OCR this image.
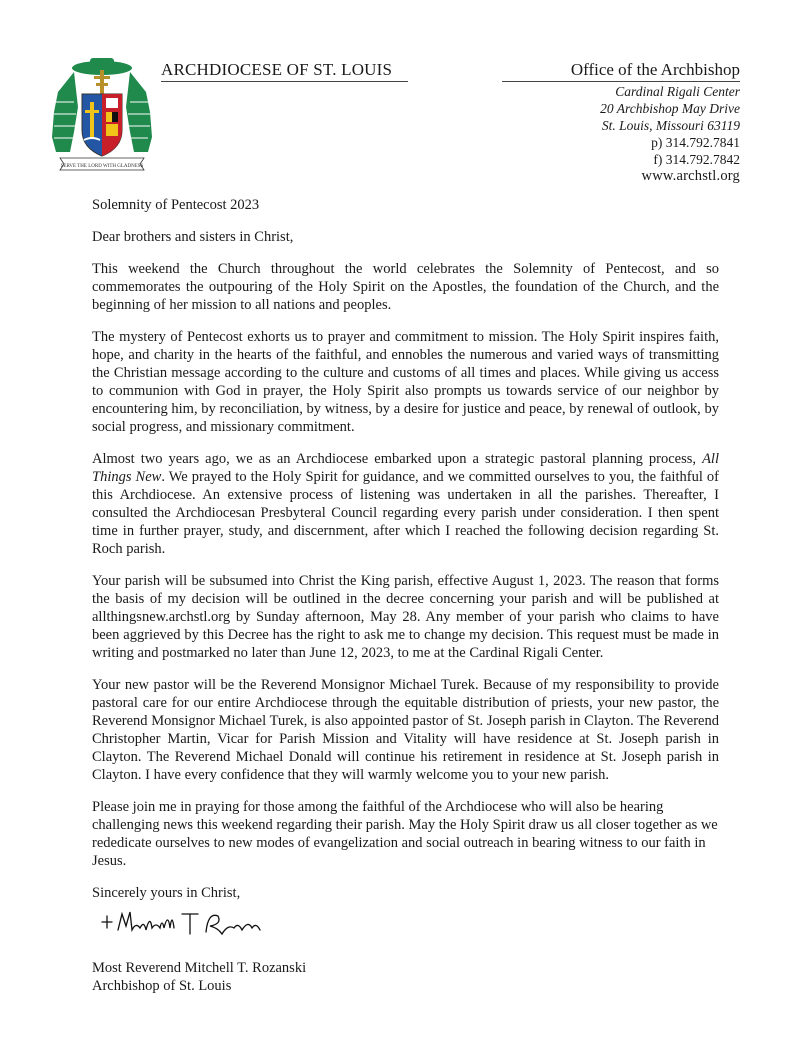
SERVE THE LORD WITH GLADNESS
ARCHDIOCESE OF ST. LOUIS	Office of the Archbishop
Cardinal Rigali Center
20 Archbishop May Drive
St. Louis, Missouri 63119
p) 314.792.7841
f) 314.792.7842
www.archstl.org

Solemnity of Pentecost 2023

Dear brothers and sisters in Christ,

This weekend the Church throughout the world celebrates the Solemnity of Pentecost, and so commemorates the outpouring of the Holy Spirit on the Apostles, the foundation of the Church, and the beginning of her mission to all nations and peoples.

The mystery of Pentecost exhorts us to prayer and commitment to mission. The Holy Spirit inspires faith, hope, and charity in the hearts of the faithful, and ennobles the numerous and varied ways of transmitting the Christian message according to the culture and customs of all times and places. While giving us access to communion with God in prayer, the Holy Spirit also prompts us towards service of our neighbor by encountering him, by reconciliation, by witness, by a desire for justice and peace, by renewal of outlook, by social progress, and missionary commitment.

Almost two years ago, we as an Archdiocese embarked upon a strategic pastoral planning process, All Things New. We prayed to the Holy Spirit for guidance, and we committed ourselves to you, the faithful of this Archdiocese. An extensive process of listening was undertaken in all the parishes. Thereafter, I consulted the Archdiocesan Presbyteral Council regarding every parish under consideration. I then spent time in further prayer, study, and discernment, after which I reached the following decision regarding St. Roch parish.

Your parish will be subsumed into Christ the King parish, effective August 1, 2023. The reason that forms the basis of my decision will be outlined in the decree concerning your parish and will be published at allthingsnew.archstl.org by Sunday afternoon, May 28. Any member of your parish who claims to have been aggrieved by this Decree has the right to ask me to change my decision. This request must be made in writing and postmarked no later than June 12, 2023, to me at the Cardinal Rigali Center.

Your new pastor will be the Reverend Monsignor Michael Turek. Because of my responsibility to provide pastoral care for our entire Archdiocese through the equitable distribution of priests, your new pastor, the Reverend Monsignor Michael Turek, is also appointed pastor of St. Joseph parish in Clayton. The Reverend Christopher Martin, Vicar for Parish Mission and Vitality will have residence at St. Joseph parish in Clayton. The Reverend Michael Donald will continue his retirement in residence at St. Joseph parish in Clayton. I have every confidence that they will warmly welcome you to your new parish.

Please join me in praying for those among the faithful of the Archdiocese who will also be hearing challenging news this weekend regarding their parish. May the Holy Spirit draw us all closer together as we rededicate ourselves to new modes of evangelization and social outreach in bearing witness to our faith in Jesus.

Sincerely yours in Christ,

Most Reverend Mitchell T. Rozanski
Archbishop of St. Louis
